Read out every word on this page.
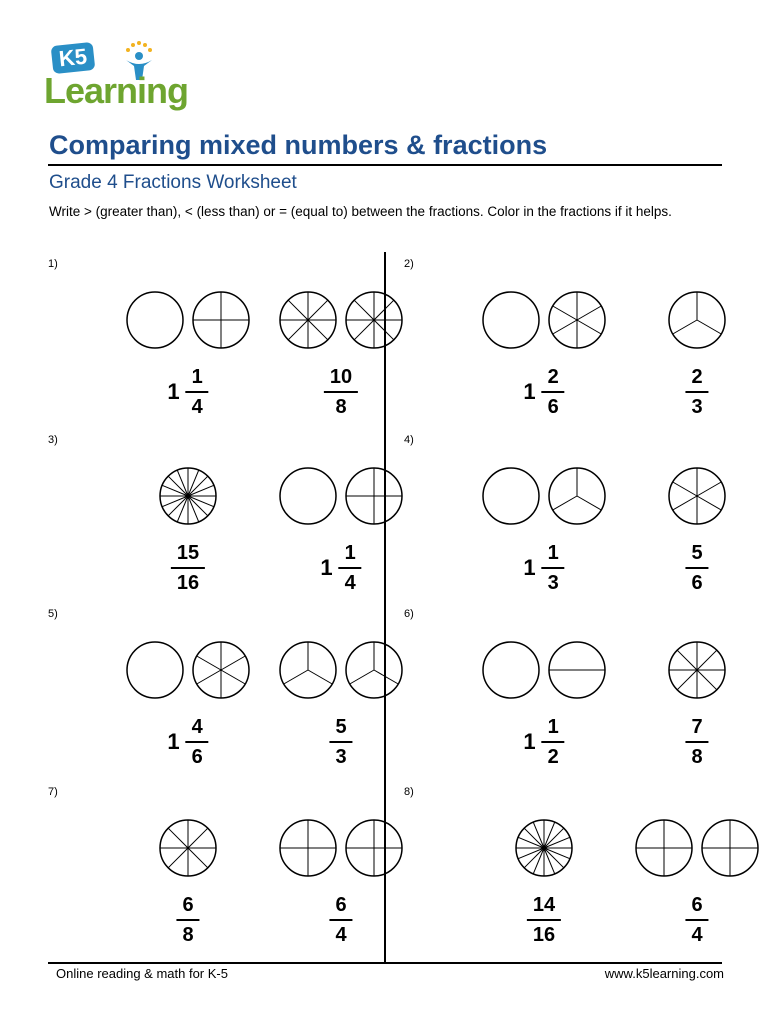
K5
Learning
Comparing mixed numbers & fractions
Grade 4 Fractions Worksheet
Write > (greater than), < (less than) or = (equal to) between the fractions. Color in the fractions if it helps.
1)
$1 \frac{1}{4}$	$\frac{10}{8}$
2)
$1 \frac{2}{6}$	$\frac{2}{3}$
3)
$\frac{15}{16}$	$1 \frac{1}{4}$
4)
$1 \frac{1}{3}$	$\frac{5}{6}$
5)
$1 \frac{4}{6}$	$\frac{5}{3}$
6)
$1 \frac{1}{2}$	$\frac{7}{8}$
7)
$\frac{6}{8}$	$\frac{6}{4}$
8)
$\frac{14}{16}$	$\frac{6}{4}$
Online reading & math for K-5	www.k5learning.com
